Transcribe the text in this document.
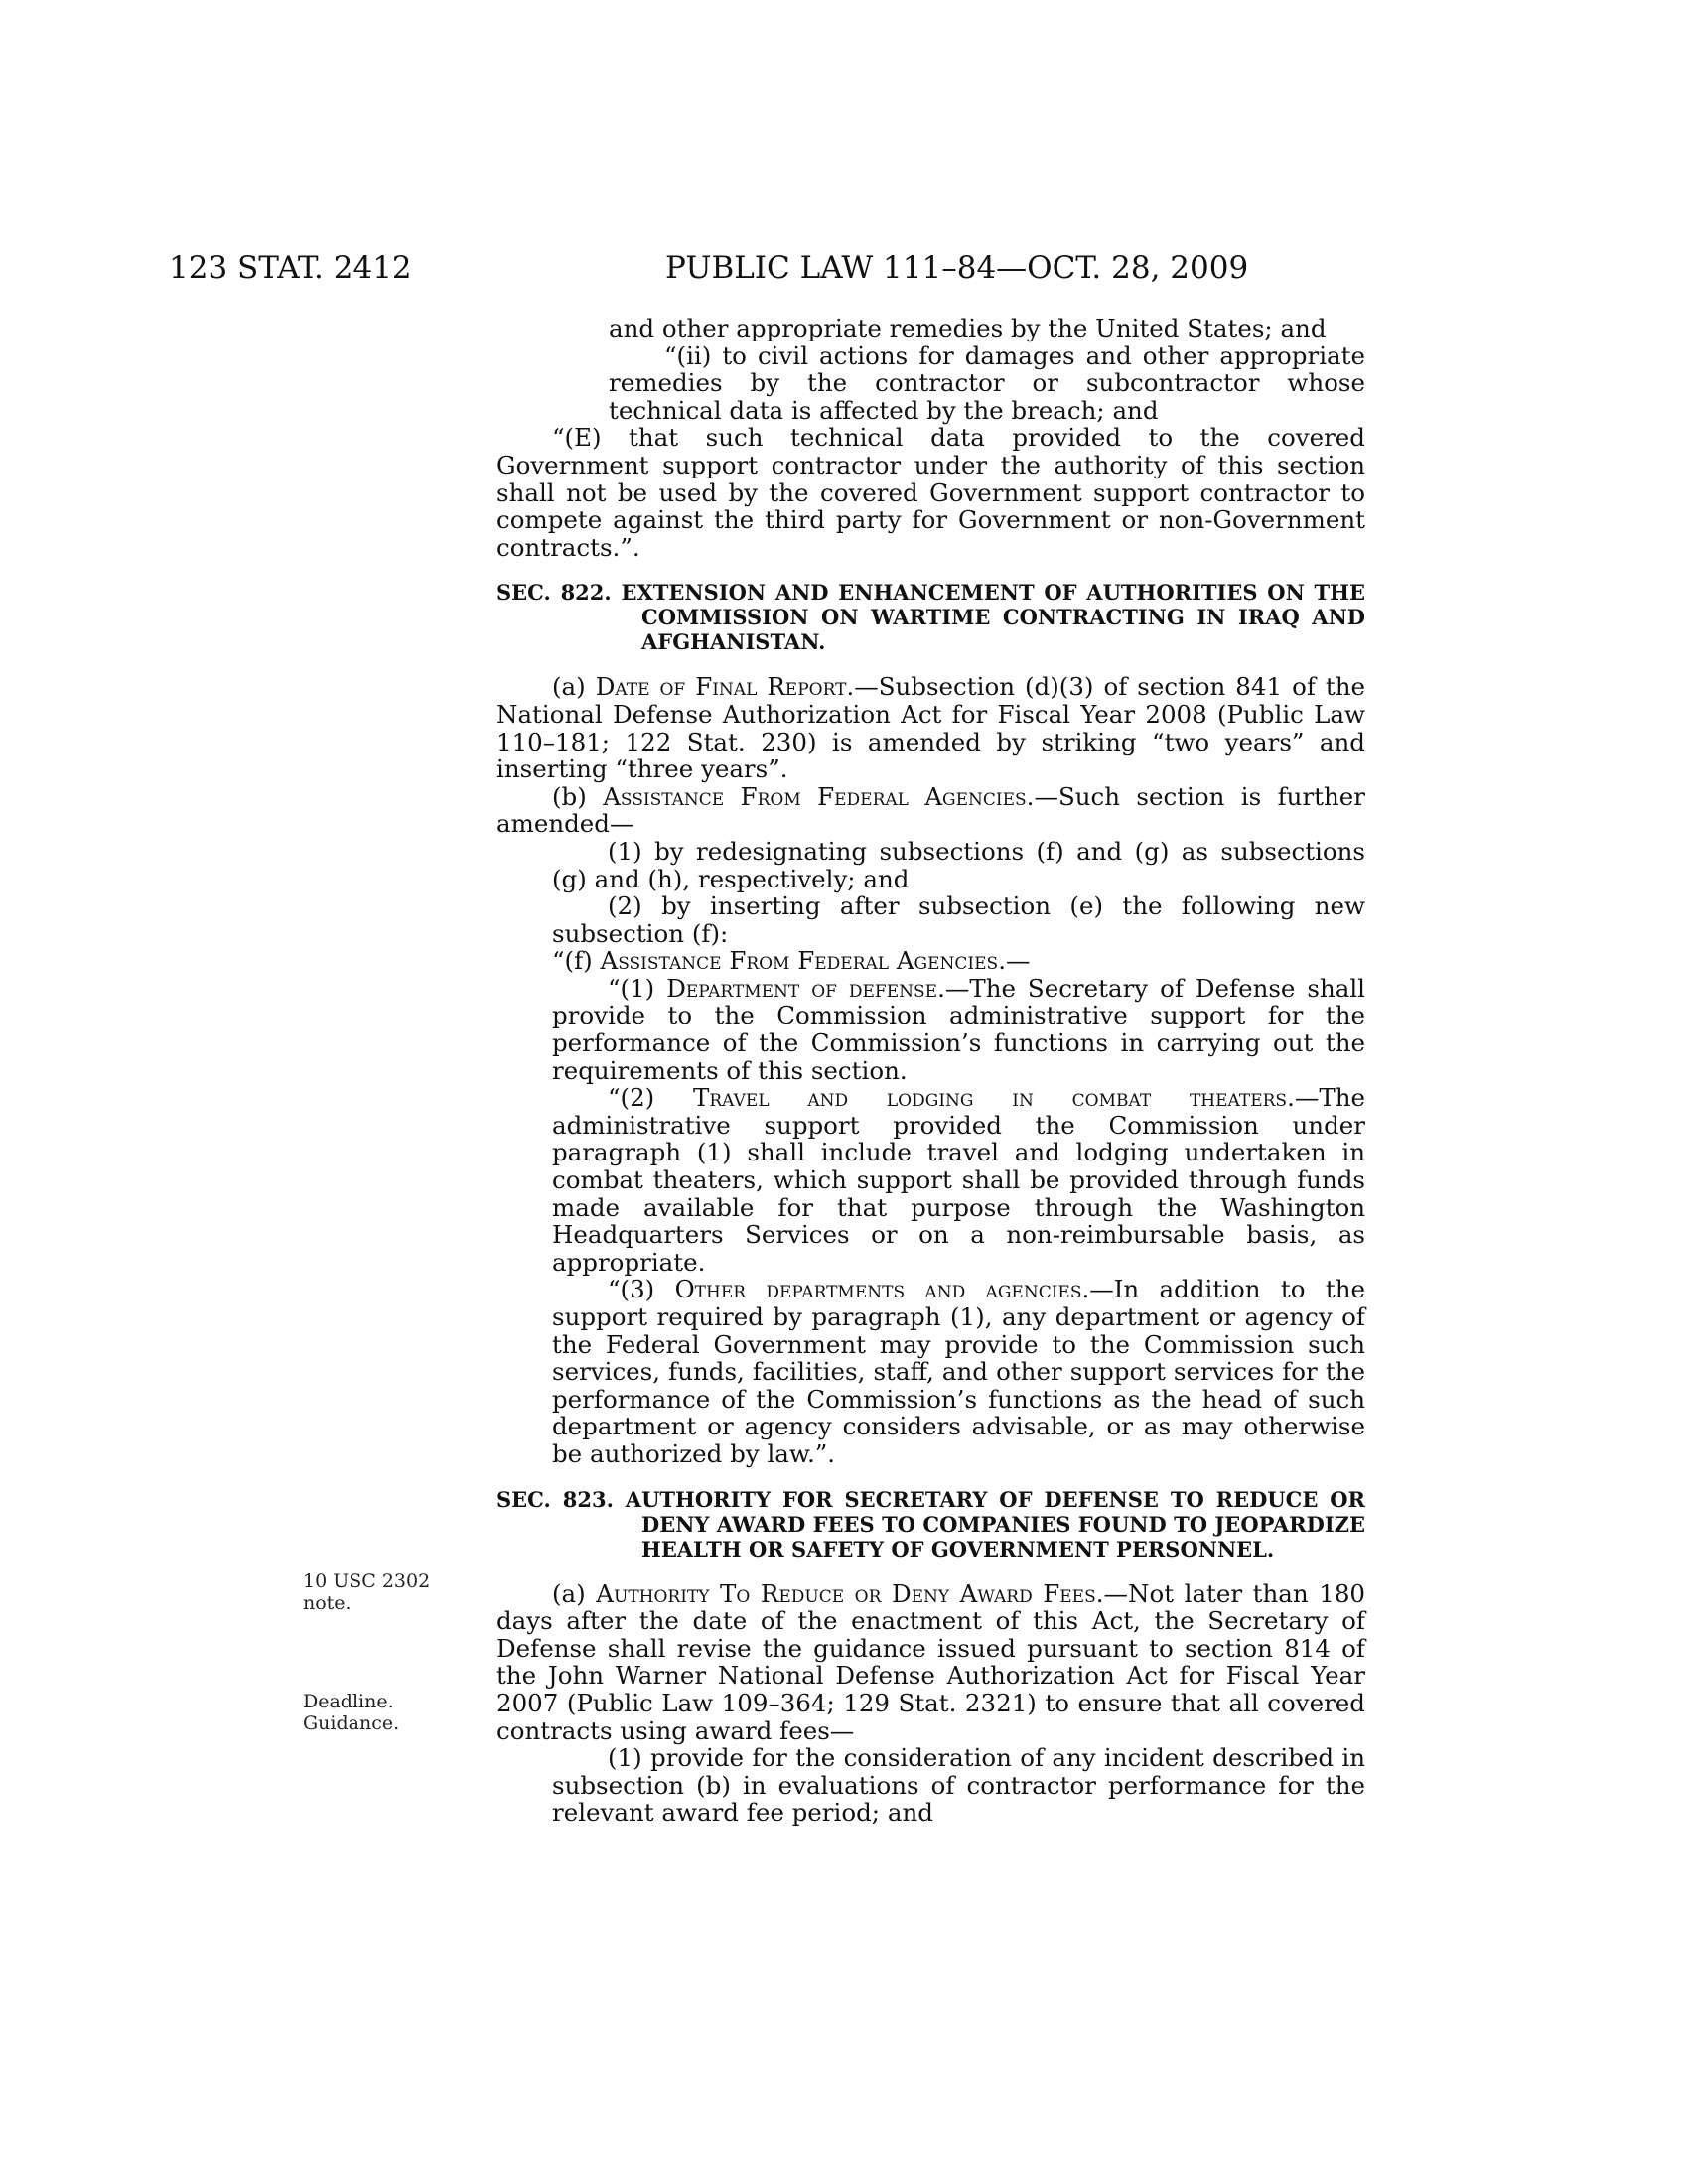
123 STAT. 2412	PUBLIC LAW 111–84—OCT. 28, 2009
10 USC 2302
note.
Deadline.
Guidance.

and other appropriate remedies by the United States; and

“(ii) to civil actions for damages and other appropriate remedies by the contractor or subcontractor whose technical data is affected by the breach; and

“(E) that such technical data provided to the covered Government support contractor under the authority of this section shall not be used by the covered Government support contractor to compete against the third party for Government or non-Government contracts.”.

SEC. 822. EXTENSION AND ENHANCEMENT OF AUTHORITIES ON THE COMMISSION ON WARTIME CONTRACTING IN IRAQ AND AFGHANISTAN.

(a) Date of Final Report.—Subsection (d)(3) of section 841 of the National Defense Authorization Act for Fiscal Year 2008 (Public Law 110–181; 122 Stat. 230) is amended by striking “two years” and inserting “three years”.

(b) Assistance From Federal Agencies.—Such section is further amended—

(1) by redesignating subsections (f) and (g) as subsections (g) and (h), respectively; and

(2) by inserting after subsection (e) the following new subsection (f):

“(f) Assistance From Federal Agencies.—

“(1) Department of defense.—The Secretary of Defense shall provide to the Commission administrative support for the performance of the Commission’s functions in carrying out the requirements of this section.

“(2) Travel and lodging in combat theaters.—The administrative support provided the Commission under paragraph (1) shall include travel and lodging undertaken in combat theaters, which support shall be provided through funds made available for that purpose through the Washington Headquarters Services or on a non-reimbursable basis, as appropriate.

“(3) Other departments and agencies.—In addition to the support required by paragraph (1), any department or agency of the Federal Government may provide to the Commission such services, funds, facilities, staff, and other support services for the performance of the Commission’s functions as the head of such department or agency considers advisable, or as may otherwise be authorized by law.”.

SEC. 823. AUTHORITY FOR SECRETARY OF DEFENSE TO REDUCE OR DENY AWARD FEES TO COMPANIES FOUND TO JEOPARDIZE HEALTH OR SAFETY OF GOVERNMENT PERSONNEL.

(a) Authority To Reduce or Deny Award Fees.—Not later than 180 days after the date of the enactment of this Act, the Secretary of Defense shall revise the guidance issued pursuant to section 814 of the John Warner National Defense Authorization Act for Fiscal Year 2007 (Public Law 109–364; 129 Stat. 2321) to ensure that all covered contracts using award fees—

(1) provide for the consideration of any incident described in subsection (b) in evaluations of contractor performance for the relevant award fee period; and
